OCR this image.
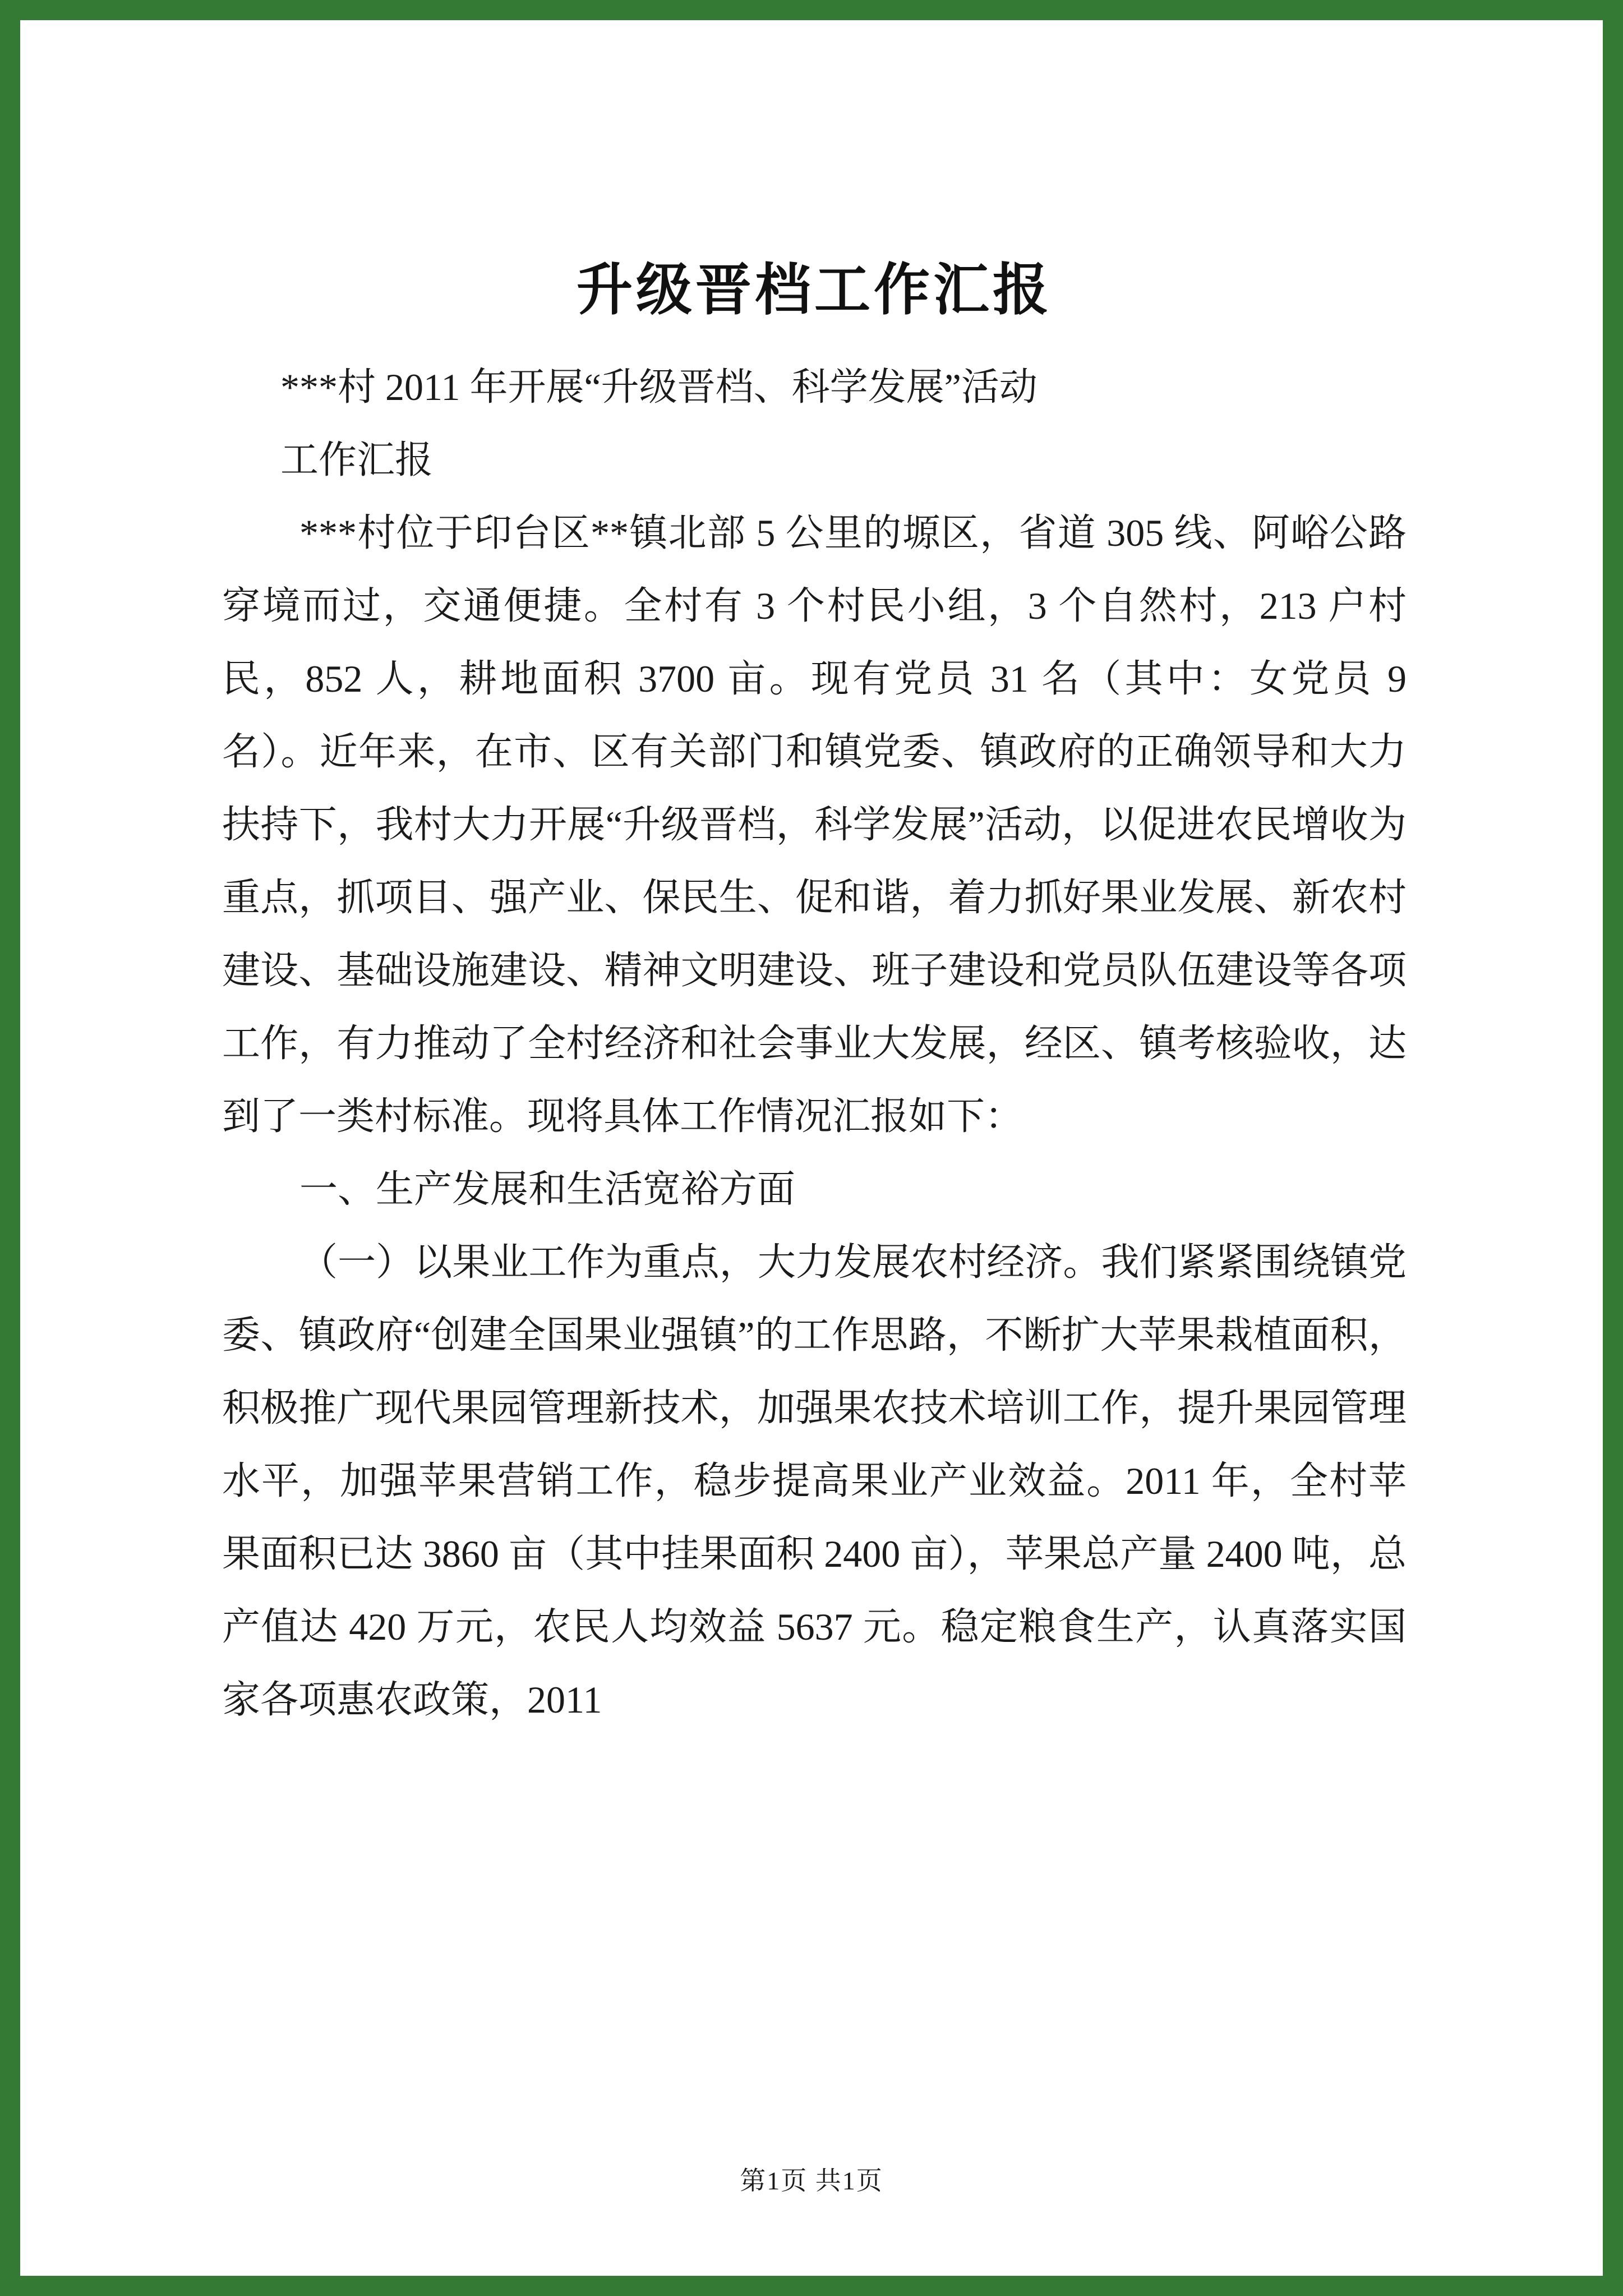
升级晋档工作汇报

***村 2011 年开展“升级晋档、科学发展”活动

工作汇报

***村位于印台区**镇北部 5 公里的塬区，省道 305 线、阿峪公路穿境而过，交通便捷。全村有 3 个村民小组，3 个自然村，213 户村民，852 人，耕地面积 3700 亩。现有党员 31 名（其中：女党员 9 名）。近年来，在市、区有关部门和镇党委、镇政府的正确领导和大力扶持下，我村大力开展“升级晋档，科学发展”活动，以促进农民增收为重点，抓项目、强产业、保民生、促和谐，着力抓好果业发展、新农村建设、基础设施建设、精神文明建设、班子建设和党员队伍建设等各项工作，有力推动了全村经济和社会事业大发展，经区、镇考核验收，达到了一类村标准。现将具体工作情况汇报如下：

一、生产发展和生活宽裕方面

（一）以果业工作为重点，大力发展农村经济。我们紧紧围绕镇党委、镇政府“创建全国果业强镇”的工作思路，不断扩大苹果栽植面积，积极推广现代果园管理新技术，加强果农技术培训工作，提升果园管理水平，加强苹果营销工作，稳步提高果业产业效益。2011 年，全村苹果面积已达 3860 亩（其中挂果面积 2400 亩），苹果总产量 2400 吨，总产值达 420 万元，农民人均效益 5637 元。稳定粮食生产，认真落实国家各项惠农政策，2011

第1页 共1页
